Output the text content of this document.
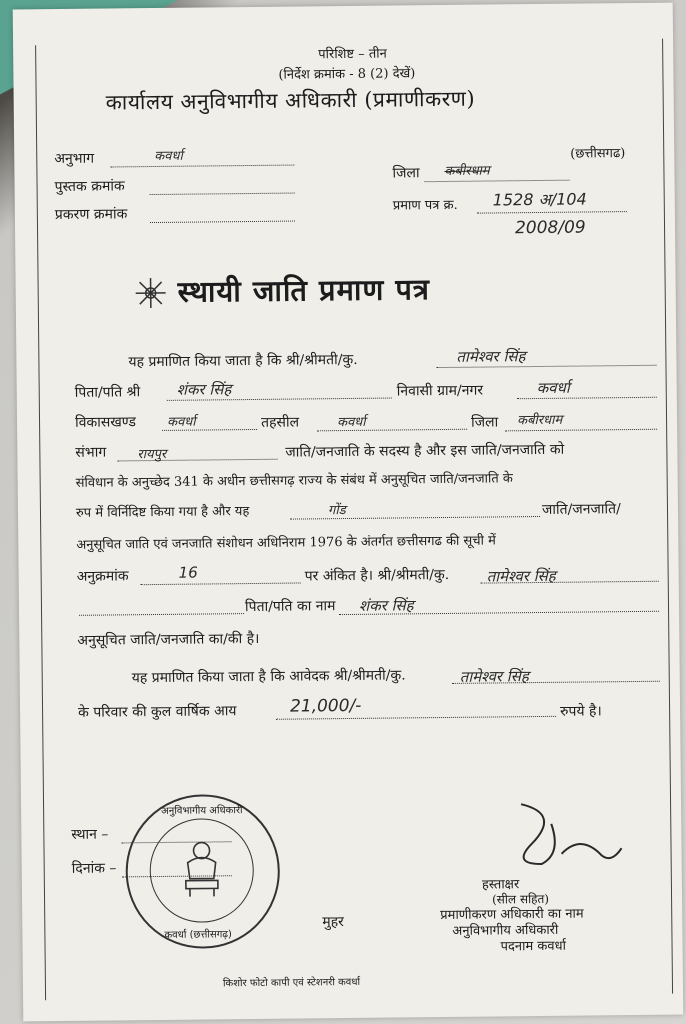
परिशिष्ट – तीन
(निर्देश क्रमांक - 8 (2) देखें)
कार्यालय अनुविभागीय अधिकारी (प्रमाणीकरण)
अनुभाग	कवर्धा
पुस्तक क्रमांक
प्रकरण क्रमांक
जिला कबीरधाम
(छत्तीसगढ)
प्रमाण पत्र क्र. 1528 अ/104
2008/09
स्थायी जाति प्रमाण पत्र
यह प्रमाणित किया जाता है कि श्री/श्रीमती/कु.	तामेश्वर सिंह
पिता/पति श्री शंकर सिंह	निवासी ग्राम/नगर	कवर्धा
विकासखण्ड कवर्धा	तहसील	कवर्धा	जिला कबीरधाम
संभाग रायपुर	जाति/जनजाति के सदस्य है और इस जाति/जनजाति को
संविधान के अनुच्छेद 341 के अधीन छत्तीसगढ़ राज्य के संबंध में अनुसूचित जाति/जनजाति के
रुप में विर्निदिष्ट किया गया है और यह	गोंड	जाति/जनजाति/
अनुसूचित जाति एवं जनजाति संशोधन अधिनिराम 1976 के अंतर्गत छत्तीसगढ की सूची में
अनुक्रमांक	16	पर अंकित है। श्री/श्रीमती/कु. तामेश्वर सिंह
पिता/पति का नाम शंकर सिंह
अनुसूचित जाति/जनजाति का/की है।
यह प्रमाणित किया जाता है कि आवेदक श्री/श्रीमती/कु.	तामेश्वर सिंह
के परिवार की कुल वार्षिक आय	21,000/-	रुपये है।
स्थान –
दिनांक –
अनुविभागीय अधिकारी
कवर्धा (छत्तीसगढ़)
मुहर
हस्ताक्षर
(सील सहित)
प्रमाणीकरण अधिकारी का नाम
अनुविभागीय अधिकारी
पदनाम कवर्धा
किशोर फोटो कापी एवं स्टेशनरी कवर्धा
